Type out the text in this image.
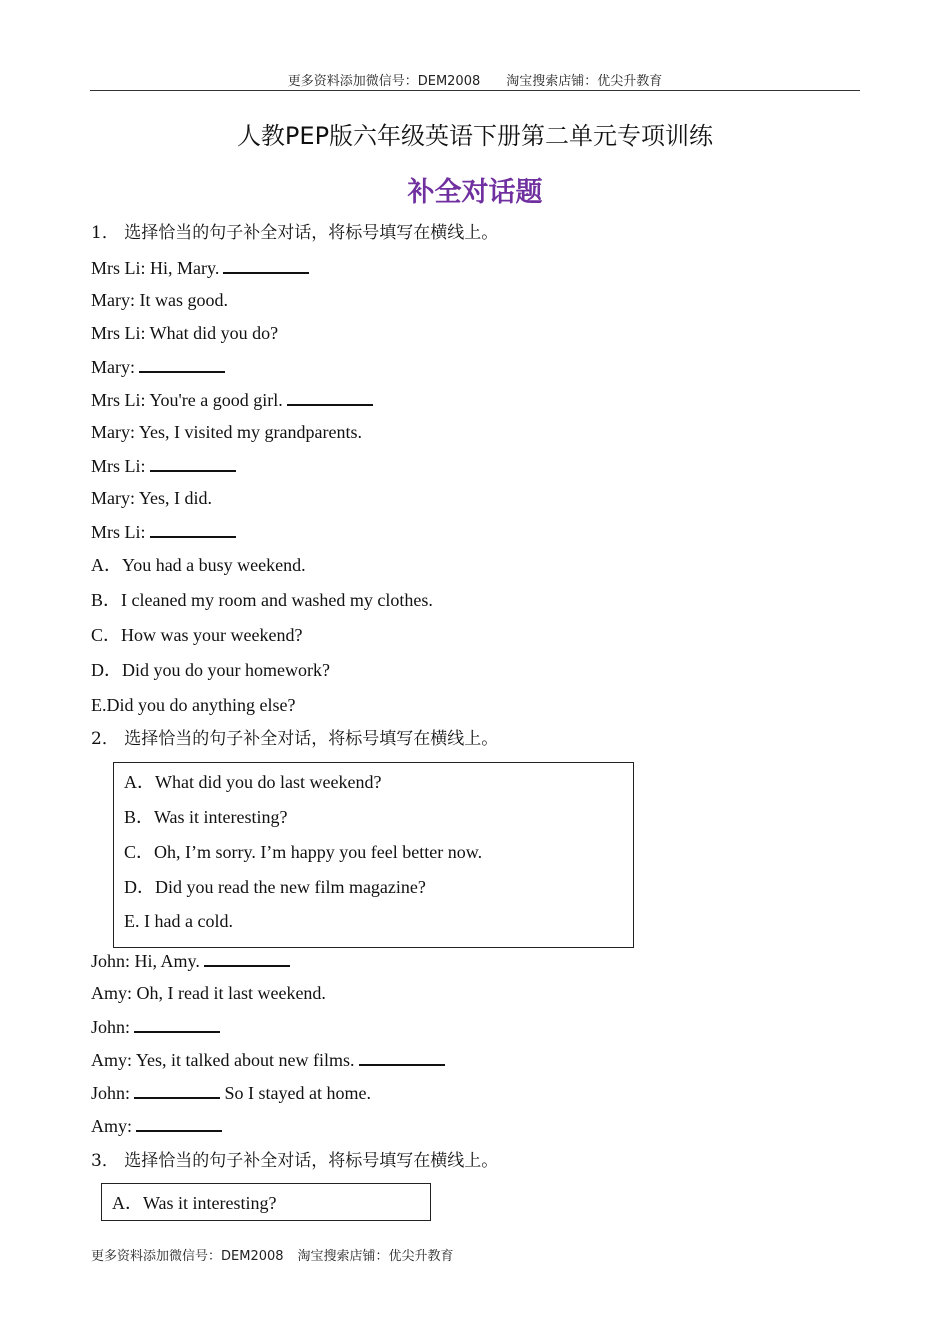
更多资料添加微信号：DEM2008 淘宝搜索店铺：优尖升教育
人教PEP版六年级英语下册第二单元专项训练
补全对话题
1． 选择恰当的句子补全对话，将标号填写在横线上。
Mrs Li: Hi, Mary.
Mary: It was good.
Mrs Li: What did you do?
Mary:
Mrs Li: You're a good girl.
Mary: Yes, I visited my grandparents.
Mrs Li:
Mary: Yes, I did.
Mrs Li:
A．You had a busy weekend.
B．I cleaned my room and washed my clothes.
C．How was your weekend?
D．Did you do your homework?
E.Did you do anything else?
2． 选择恰当的句子补全对话，将标号填写在横线上。
A．What did you do last weekend?
B．Was it interesting?
C．Oh, I’m sorry. I’m happy you feel better now.
D．Did you read the new film magazine?
E. I had a cold.
John: Hi, Amy.
Amy: Oh, I read it last weekend.
John:
Amy: Yes, it talked about new films.
John:	So I stayed at home.
Amy:
3． 选择恰当的句子补全对话，将标号填写在横线上。
A．Was it interesting?
更多资料添加微信号：DEM2008 淘宝搜索店铺：优尖升教育
